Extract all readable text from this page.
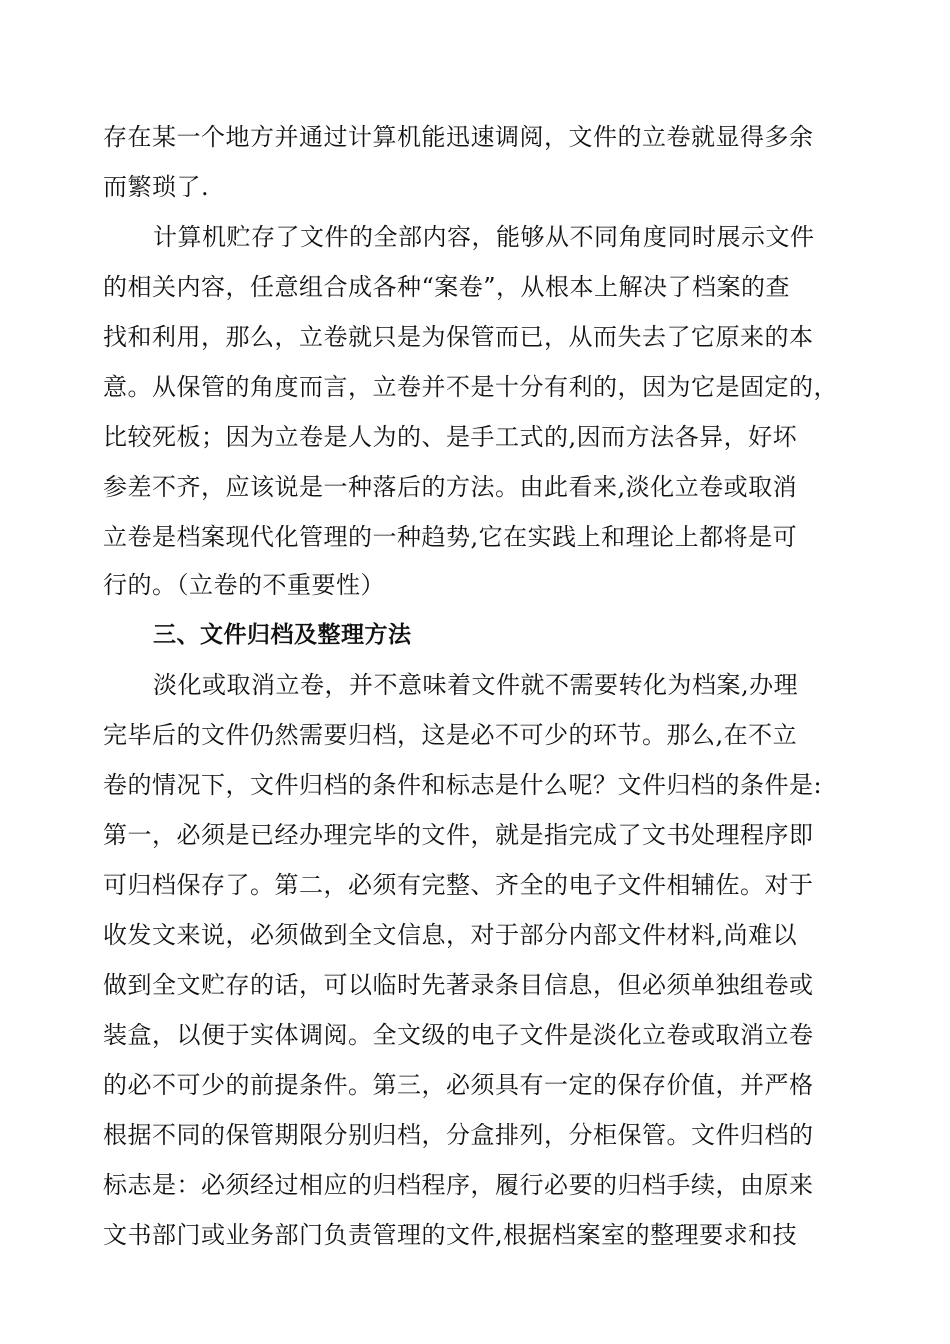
存在某一个地方并通过计算机能迅速调阅，文件的立卷就显得多余
而繁琐了.
计算机贮存了文件的全部内容，能够从不同角度同时展示文件
的相关内容，任意组合成各种“案卷”，从根本上解决了档案的查
找和利用，那么，立卷就只是为保管而已，从而失去了它原来的本
意。从保管的角度而言，立卷并不是十分有利的，因为它是固定的，
比较死板；因为立卷是人为的、是手工式的,因而方法各异，好坏
参差不齐，应该说是一种落后的方法。由此看来,淡化立卷或取消
立卷是档案现代化管理的一种趋势,它在实践上和理论上都将是可
行的。（立卷的不重要性）
三、文件归档及整理方法
淡化或取消立卷，并不意味着文件就不需要转化为档案,办理
完毕后的文件仍然需要归档，这是必不可少的环节。那么,在不立
卷的情况下，文件归档的条件和标志是什么呢？文件归档的条件是:
第一，必须是已经办理完毕的文件，就是指完成了文书处理程序即
可归档保存了。第二，必须有完整、齐全的电子文件相辅佐。对于
收发文来说，必须做到全文信息，对于部分内部文件材料,尚难以
做到全文贮存的话，可以临时先著录条目信息，但必须单独组卷或
装盒，以便于实体调阅。全文级的电子文件是淡化立卷或取消立卷
的必不可少的前提条件。第三，必须具有一定的保存价值，并严格
根据不同的保管期限分别归档，分盒排列，分柜保管。文件归档的
标志是：必须经过相应的归档程序，履行必要的归档手续，由原来
文书部门或业务部门负责管理的文件,根据档案室的整理要求和技
